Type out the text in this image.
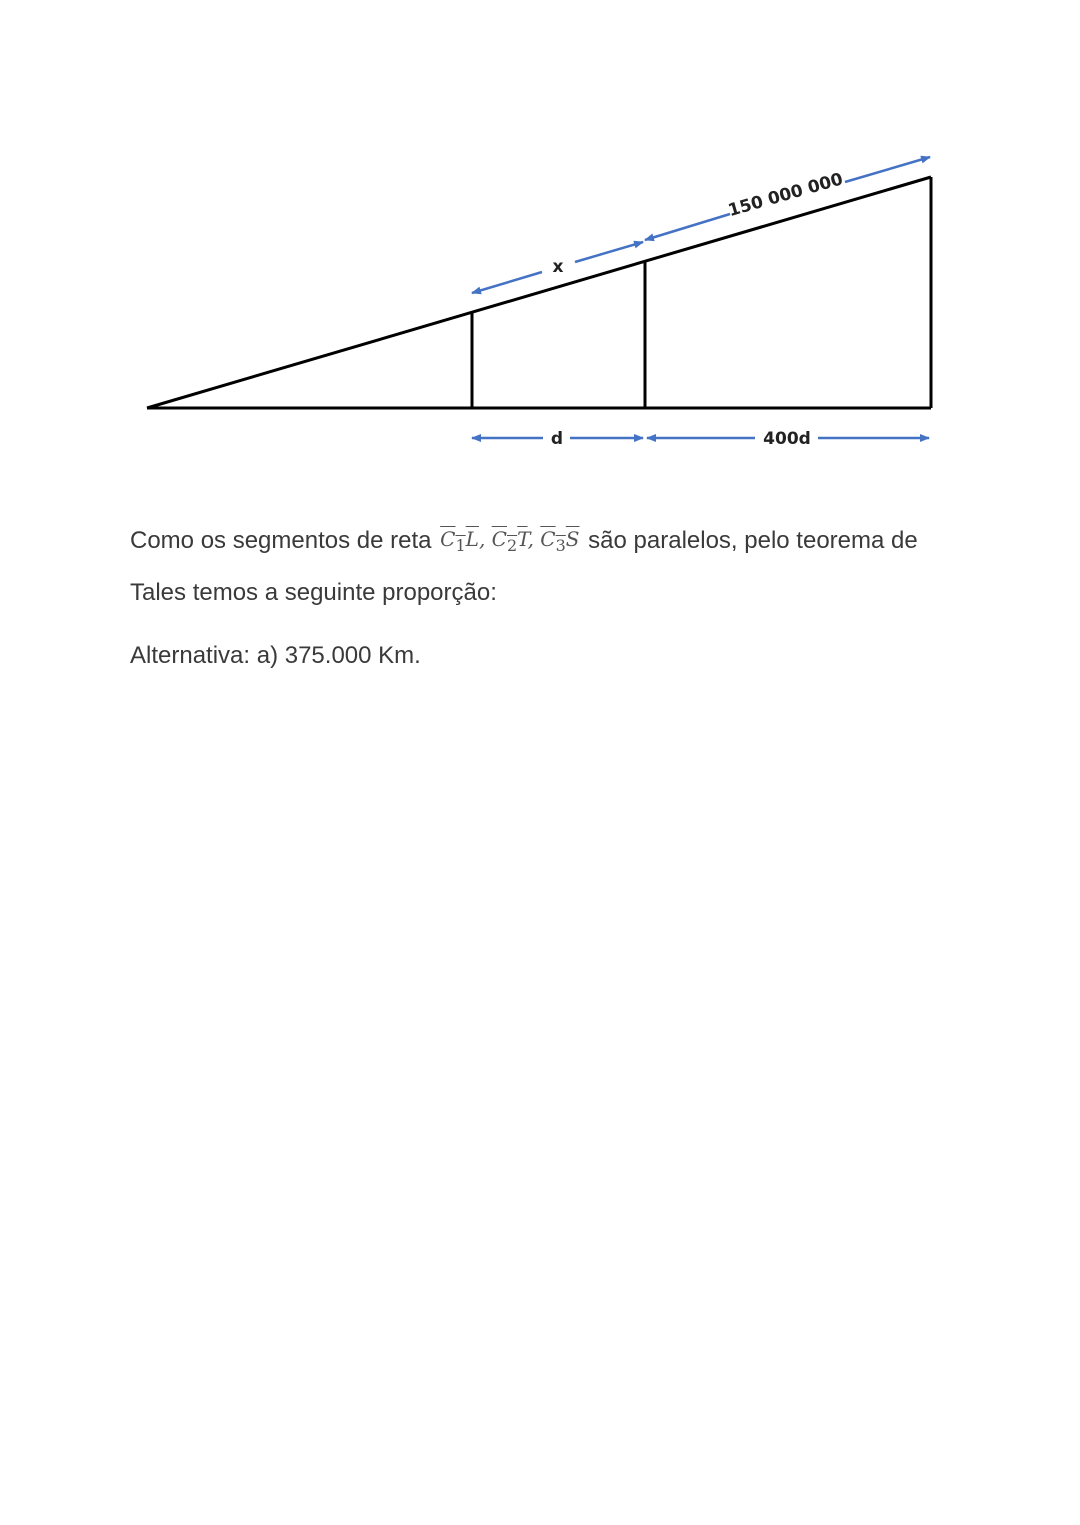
x
150 000 000
d	400d

Como os segmentos de reta $C_1L$, $C_2T$, $C_3S$ são paralelos, pelo teorema de
Tales temos a seguinte proporção:

Alternativa: a) 375.000 Km.
